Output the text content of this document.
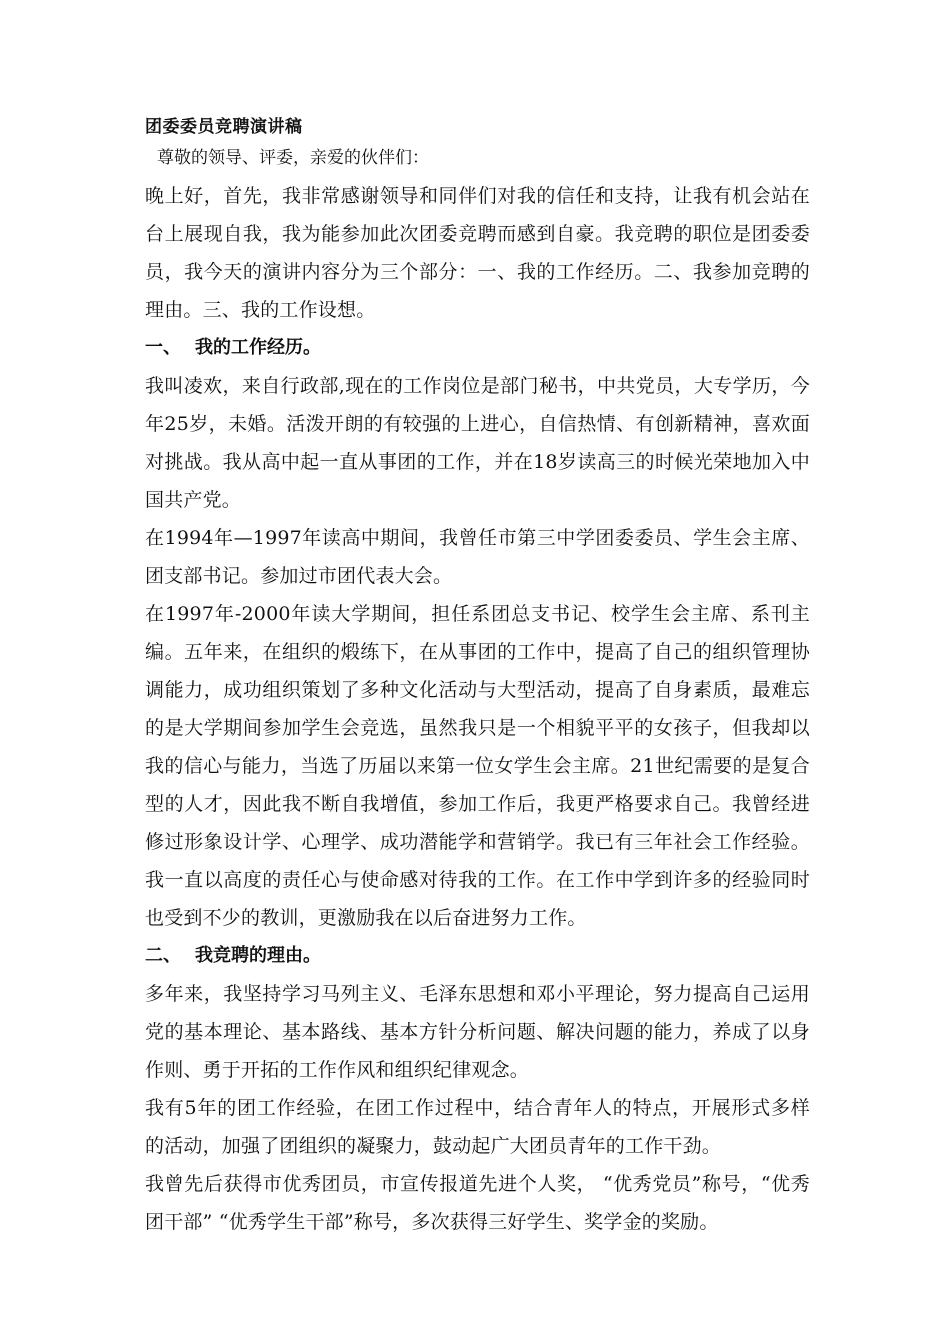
团委委员竞聘演讲稿
尊敬的领导、评委，亲爱的伙伴们：

晚上好，首先，我非常感谢领导和同伴们对我的信任和支持，让我有机会站在台上展现自我，我为能参加此次团委竞聘而感到自豪。我竞聘的职位是团委委员，我今天的演讲内容分为三个部分：一、我的工作经历。二、我参加竞聘的理由。三、我的工作设想。

一、 我的工作经历。

我叫凌欢，来自行政部,现在的工作岗位是部门秘书，中共党员，大专学历，今年25岁，未婚。活泼开朗的有较强的上进心，自信热情、有创新精神，喜欢面对挑战。我从高中起一直从事团的工作，并在18岁读高三的时候光荣地加入中国共产党。

在1994年—1997年读高中期间，我曾任市第三中学团委委员、学生会主席、团支部书记。参加过市团代表大会。

在1997年-2000年读大学期间，担任系团总支书记、校学生会主席、系刊主编。五年来，在组织的煅练下，在从事团的工作中，提高了自己的组织管理协调能力，成功组织策划了多种文化活动与大型活动，提高了自身素质，最难忘的是大学期间参加学生会竞选，虽然我只是一个相貌平平的女孩子，但我却以我的信心与能力，当选了历届以来第一位女学生会主席。21世纪需要的是复合型的人才，因此我不断自我增值，参加工作后，我更严格要求自己。我曾经进修过形象设计学、心理学、成功潜能学和营销学。我已有三年社会工作经验。我一直以高度的责任心与使命感对待我的工作。在工作中学到许多的经验同时也受到不少的教训，更激励我在以后奋进努力工作。

二、 我竞聘的理由。

多年来，我坚持学习马列主义、毛泽东思想和邓小平理论，努力提高自己运用党的基本理论、基本路线、基本方针分析问题、解决问题的能力，养成了以身作则、勇于开拓的工作作风和组织纪律观念。

我有5年的团工作经验，在团工作过程中，结合青年人的特点，开展形式多样的活动，加强了团组织的凝聚力，鼓动起广大团员青年的工作干劲。

我曾先后获得市优秀团员，市宣传报道先进个人奖， “优秀党员”称号，“优秀团干部” “优秀学生干部”称号，多次获得三好学生、奖学金的奖励。
